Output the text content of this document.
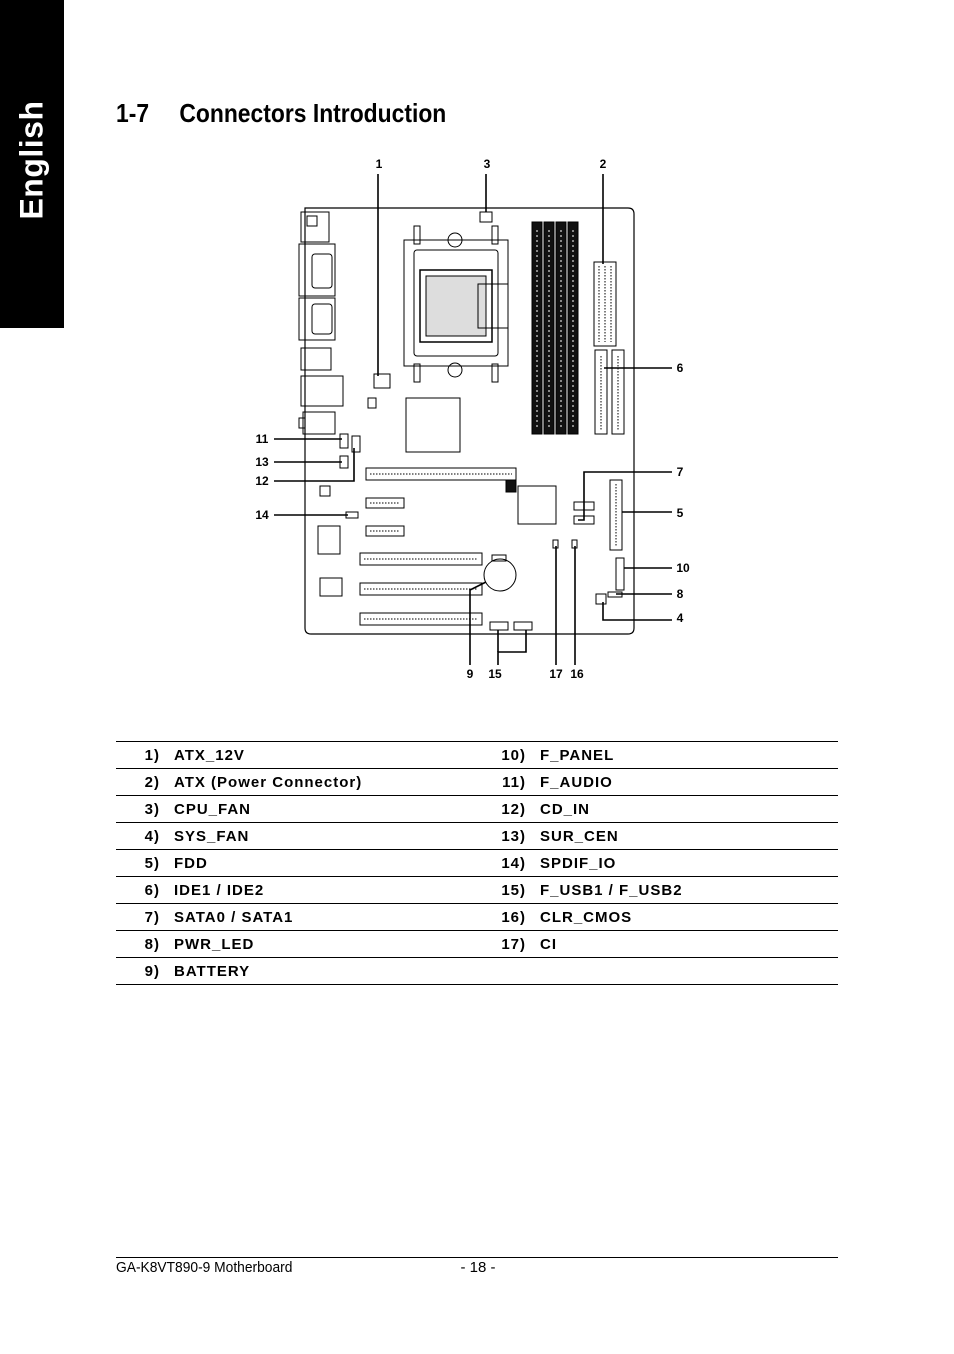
English	1-7 Connectors Introduction
1	3	2
6
11
13
12
7
14	5
10
8
4
9 15	17 16
1)	ATX_12V	10)	F_PANEL
2)	ATX (Power Connector)	11)	F_AUDIO
3)	CPU_FAN	12)	CD_IN
4)	SYS_FAN	13)	SUR_CEN
5)	FDD	14)	SPDIF_IO
6)	IDE1 / IDE2	15)	F_USB1 / F_USB2
7)	SATA0 / SATA1	16)	CLR_CMOS
8)	PWR_LED	17)	CI
9)	BATTERY		
GA-K8VT890-9 Motherboard	- 18 -
